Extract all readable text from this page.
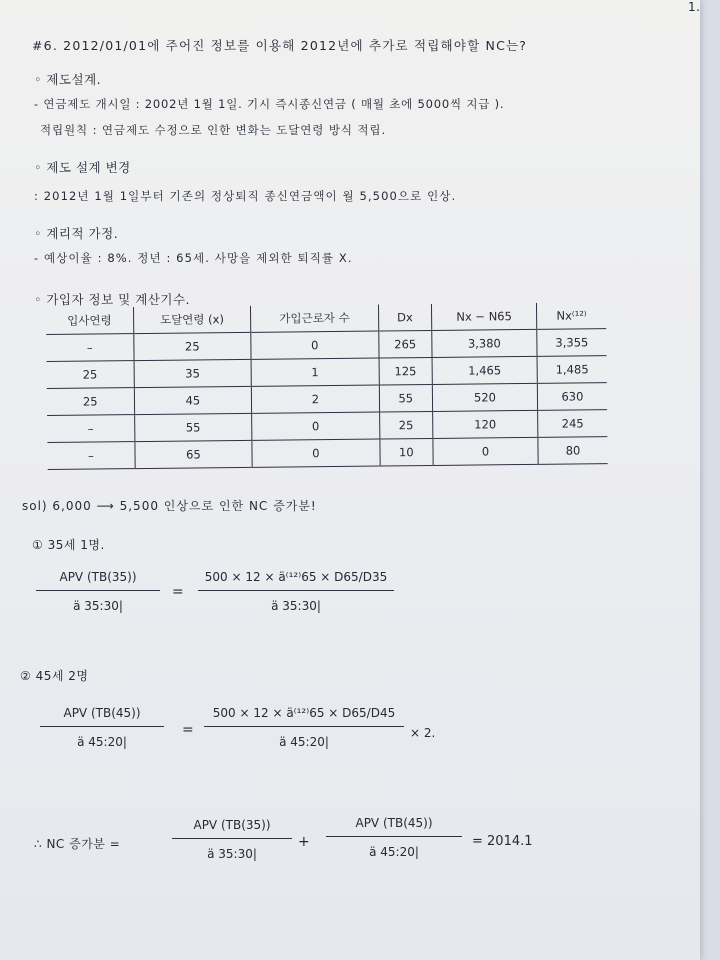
1.
#6. 2012/01/01에 주어진 정보를 이용해 2012년에 추가로 적립해야할 NC는?
◦ 제도설계.
- 연금제도 개시일 : 2002년 1월 1일. 기시 즉시종신연금 ( 매월 초에 5000씩 지급 ).
적립원칙 : 연금제도 수정으로 인한 변화는 도달연령 방식 적립.
◦ 제도 설계 변경
: 2012년 1월 1일부터 기존의 정상퇴직 종신연금액이 월 5,500으로 인상.
◦ 계리적 가정.
- 예상이율 : 8%. 정년 : 65세. 사망을 제외한 퇴직률 X.
◦ 가입자 정보 및 계산기수.
입사연령	도달연령 (x)	가입근로자 수	Dx	Nx − N65	Nx⁽¹²⁾
–	25	0	265	3,380	3,355
25	35	1	125	1,465	1,485
25	45	2	55	520	630
–	55	0	25	120	245
–	65	0	10	0	80
sol) 6,000 ⟶ 5,500 인상으로 인한 NC 증가분!
① 35세 1명.
APV (TB(35))
ä 35:30|
=
500 × 12 × ä⁽¹²⁾65 × D65/D35
ä 35:30|
② 45세 2명
APV (TB(45))
ä 45:20|
=
500 × 12 × ä⁽¹²⁾65 × D65/D45
ä 45:20|
× 2.
∴ NC 증가분 =
APV (TB(35))
ä 35:30|
+
APV (TB(45))
ä 45:20|
= 2014.1
